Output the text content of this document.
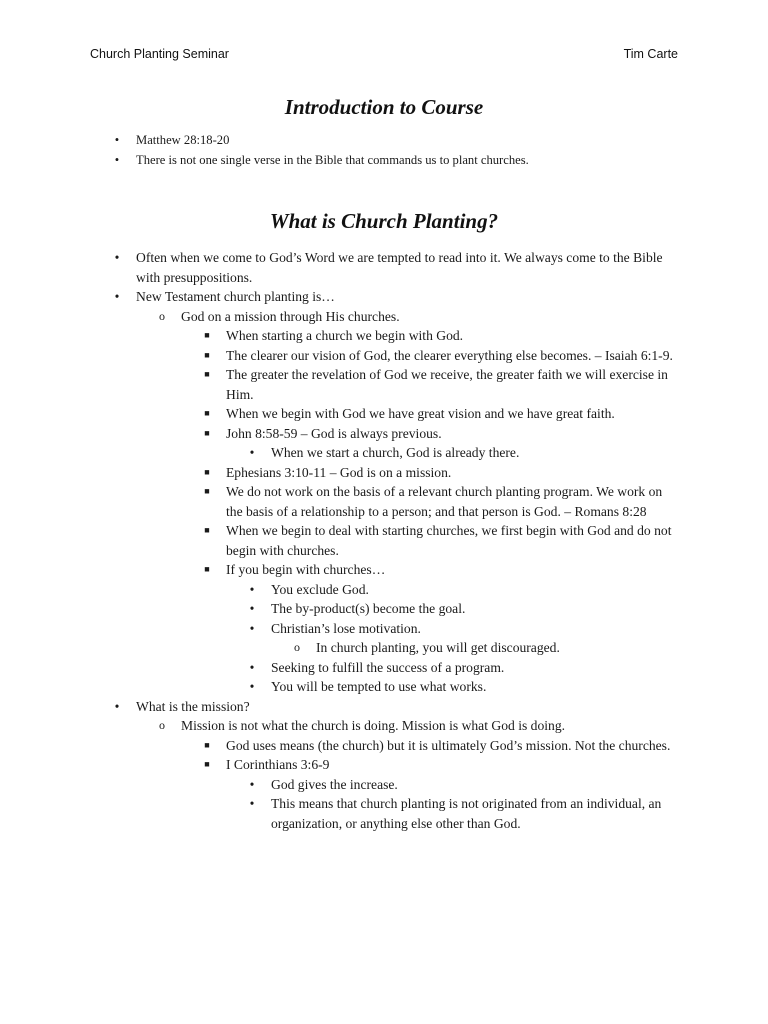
Church Planting Seminar	Tim Carte
Introduction to Course
•	Matthew 28:18-20
•	There is not one single verse in the Bible that commands us to plant churches.
What is Church Planting?
•	Often when we come to God’s Word we are tempted to read into it. We always come to the Bible with presuppositions.
•	New Testament church planting is…
o God on a mission through His churches.
■	When starting a church we begin with God.
■	The clearer our vision of God, the clearer everything else becomes. – Isaiah 6:1-9.
■	The greater the revelation of God we receive, the greater faith we will exercise in Him.
■	When we begin with God we have great vision and we have great faith.
■	John 8:58-59 – God is always previous.
•	When we start a church, God is already there.
■	Ephesians 3:10-11 – God is on a mission.
■	We do not work on the basis of a relevant church planting program. We work on the basis of a relationship to a person; and that person is God. – Romans 8:28
■	When we begin to deal with starting churches, we first begin with God and do not begin with churches.
■	If you begin with churches…
•	You exclude God.
•	The by-product(s) become the goal.
•	Christian’s lose motivation.
o In church planting, you will get discouraged.
•	Seeking to fulfill the success of a program.
•	You will be tempted to use what works.
•	What is the mission?
o Mission is not what the church is doing. Mission is what God is doing.
■	God uses means (the church) but it is ultimately God’s mission. Not the churches.
■	I Corinthians 3:6-9
•	God gives the increase.
•	This means that church planting is not originated from an individual, an organization, or anything else other than God.
